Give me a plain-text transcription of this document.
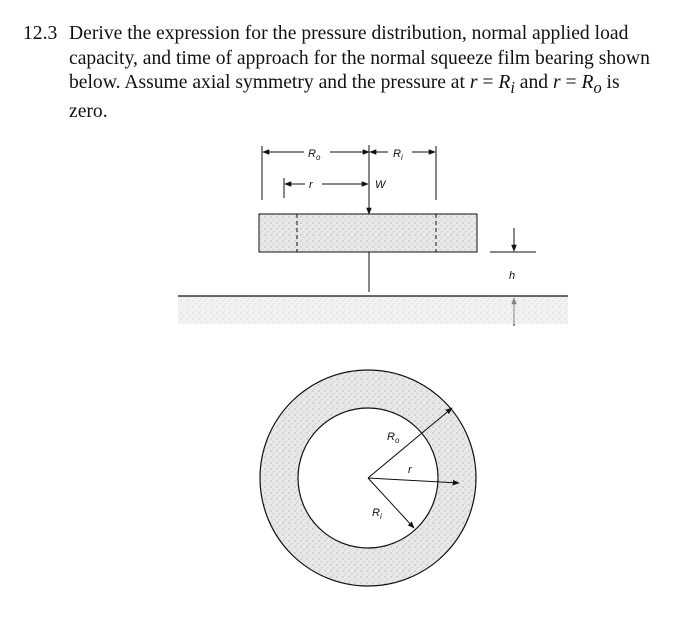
12.3 Derive the expression for the pressure distribution, normal applied load
capacity, and time of approach for the normal squeeze film bearing shown
below. Assume axial symmetry and the pressure at $r = R_i$ and $r = R_o$ is
zero.
$R_o$	$R_i$
r	W
h
$R_o$
r
$R_i$
